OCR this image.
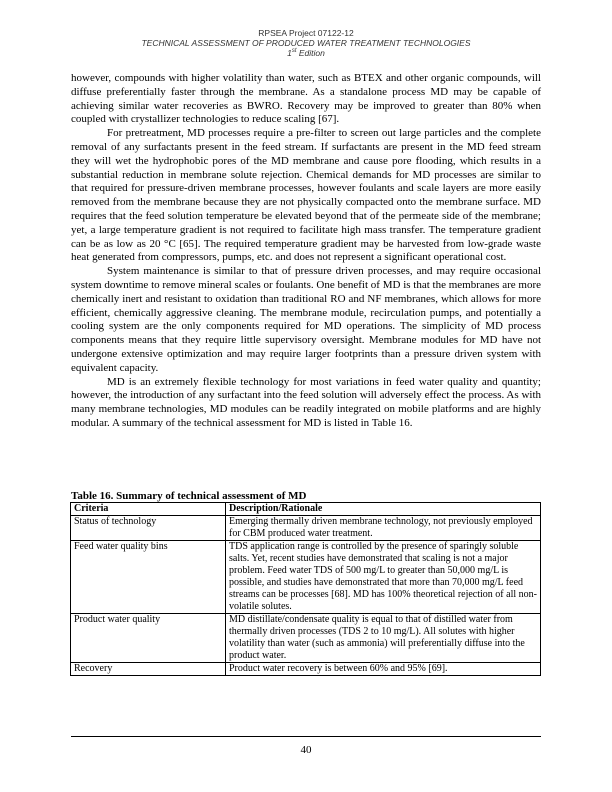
RPSEA Project 07122-12
TECHNICAL ASSESSMENT OF PRODUCED WATER TREATMENT TECHNOLOGIES
1st Edition

however, compounds with higher volatility than water, such as BTEX and other organic compounds, will diffuse preferentially faster through the membrane. As a standalone process MD may be capable of achieving similar water recoveries as BWRO. Recovery may be improved to greater than 80% when coupled with crystallizer technologies to reduce scaling [67].

For pretreatment, MD processes require a pre-filter to screen out large particles and the complete removal of any surfactants present in the feed stream. If surfactants are present in the MD feed stream they will wet the hydrophobic pores of the MD membrane and cause pore flooding, which results in a substantial reduction in membrane solute rejection. Chemical demands for MD processes are similar to that required for pressure-driven membrane processes, however foulants and scale layers are more easily removed from the membrane because they are not physically compacted onto the membrane surface. MD requires that the feed solution temperature be elevated beyond that of the permeate side of the membrane; yet, a large temperature gradient is not required to facilitate high mass transfer. The temperature gradient can be as low as 20 °C [65]. The required temperature gradient may be harvested from low-grade waste heat generated from compressors, pumps, etc. and does not represent a significant operational cost.

System maintenance is similar to that of pressure driven processes, and may require occasional system downtime to remove mineral scales or foulants. One benefit of MD is that the membranes are more chemically inert and resistant to oxidation than traditional RO and NF membranes, which allows for more efficient, chemically aggressive cleaning. The membrane module, recirculation pumps, and potentially a cooling system are the only components required for MD operations. The simplicity of MD process components means that they require little supervisory oversight. Membrane modules for MD have not undergone extensive optimization and may require larger footprints than a pressure driven system with equivalent capacity.

MD is an extremely flexible technology for most variations in feed water quality and quantity; however, the introduction of any surfactant into the feed solution will adversely effect the process. As with many membrane technologies, MD modules can be readily integrated on mobile platforms and are highly modular. A summary of the technical assessment for MD is listed in Table 16.

Table 16. Summary of technical assessment of MD
Criteria	Description/Rationale
Status of technology	Emerging thermally driven membrane technology, not previously employed for CBM produced water treatment.
Feed water quality bins	TDS application range is controlled by the presence of sparingly soluble salts. Yet, recent studies have demonstrated that scaling is not a major problem. Feed water TDS of 500 mg/L to greater than 50,000 mg/L is possible, and studies have demonstrated that more than 70,000 mg/L feed streams can be processes [68]. MD has 100% theoretical rejection of all non-volatile solutes.
Product water quality	MD distillate/condensate quality is equal to that of distilled water from thermally driven processes (TDS 2 to 10 mg/L). All solutes with higher volatility than water (such as ammonia) will preferentially diffuse into the product water.
Recovery	Product water recovery is between 60% and 95% [69].
40
